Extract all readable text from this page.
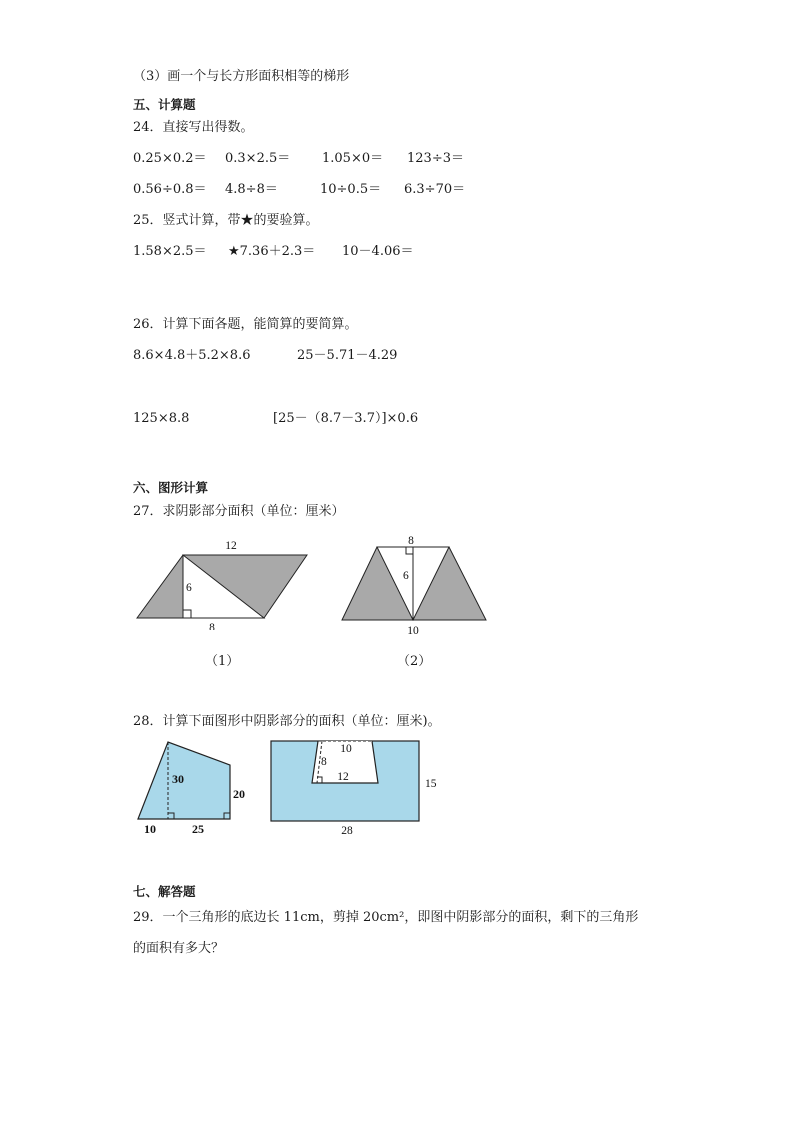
（3）画一个与长方形面积相等的梯形
五、计算题
24．直接写出得数。
0.25×0.2＝ 0.3×2.5＝ 1.05×0＝ 123÷3＝
0.56÷0.8＝ 4.8÷8＝	10÷0.5＝ 6.3÷70＝
25．竖式计算，带★的要验算。
1.58×2.5＝ ★7.36＋2.3＝ 10－4.06＝
26．计算下面各题，能简算的要简算。
8.6×4.8＋5.2×8.6	25－5.71－4.29
125×8.8	[25－（8.7－3.7）]×0.6
六、图形计算
27．求阴影部分面积（单位：厘米）
12
6
8
8
6
10
（1）	（2）
28．计算下面图形中阴影部分的面积（单位：厘米)。
30
20
10	25
10
8
12
15
28
七、解答题
29．一个三角形的底边长 11cm，剪掉 20cm²，即图中阴影部分的面积，剩下的三角形
的面积有多大？
